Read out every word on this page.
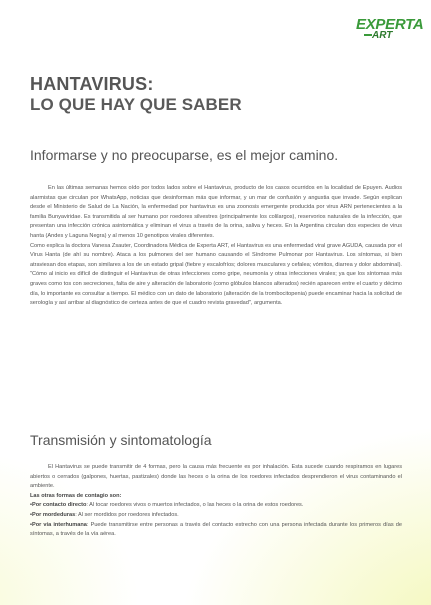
EXPERTA
ART
HANTAVIRUS:
LO QUE HAY QUE SABER
Informarse y no preocuparse, es el mejor camino.

En las últimas semanas hemos oído por todos lados sobre el Hantavirus, producto de los casos ocurridos en la localidad de Epuyen. Audios alarmistas que circulan por WhatsApp, noticias que desinforman más que informar, y un mar de confusión y angustia que invade. Según explican desde el Ministerio de Salud de La Nación, la enfermedad por hantavirus es una zoonosis emergente producida por virus ARN pertenecientes a la familia Bunyaviridae. Es transmitida al ser humano por roedores silvestres (principalmente los colilargos), reservorios naturales de la infección, que presentan una infección crónica asintomática y eliminan el virus a través de la orina, saliva y heces. En la Argentina circulan dos especies de virus hanta (Andes y Laguna Negra) y al menos 10 genotipos virales diferentes.

Como explica la doctora Vanesa Zsauter, Coordinadora Médica de Experta ART, el Hantavirus es una enfermedad viral grave AGUDA, causada por el Virus Hanta (de ahí su nombre). Ataca a los pulmones del ser humano causando el Síndrome Pulmonar por Hantavirus. Los síntomas, si bien atraviesan dos etapas, son similares a los de un estado gripal (fiebre y escalofríos; dolores musculares y cefalea; vómitos, diarrea y dolor abdominal). "Cómo al inicio es difícil de distinguir el Hantavirus de otras infecciones como gripe, neumonía y otras infecciones virales; ya que los síntomas más graves como tos con secreciones, falta de aire y alteración de laboratorio (como glóbulos blancos alterados) recién aparecen entre el cuarto y décimo día, lo importante es consultar a tiempo. El médico con un dato de laboratorio (alteración de la trombocitopenia) puede encaminar hacia la solicitud de serología y así arribar al diagnóstico de certeza antes de que el cuadro revista gravedad", argumenta.

Transmisión y sintomatología

El Hantavirus se puede transmitir de 4 formas, pero la causa más frecuente es por inhalación. Esta sucede cuando respiramos en lugares abiertos o cerrados (galpones, huertas, pastizales) donde las heces o la orina de los roedores infectados desprendieron el virus contaminando el ambiente.

Las otras formas de contagio son:

•Por contacto directo: Al tocar roedores vivos o muertos infectados, o las heces o la orina de estos roedores.

•Por mordeduras: Al ser mordidos por roedores infectados.

•Por vía interhumana: Puede transmitirse entre personas a través del contacto estrecho con una persona infectada durante los primeros días de síntomas, a través de la vía aérea.
